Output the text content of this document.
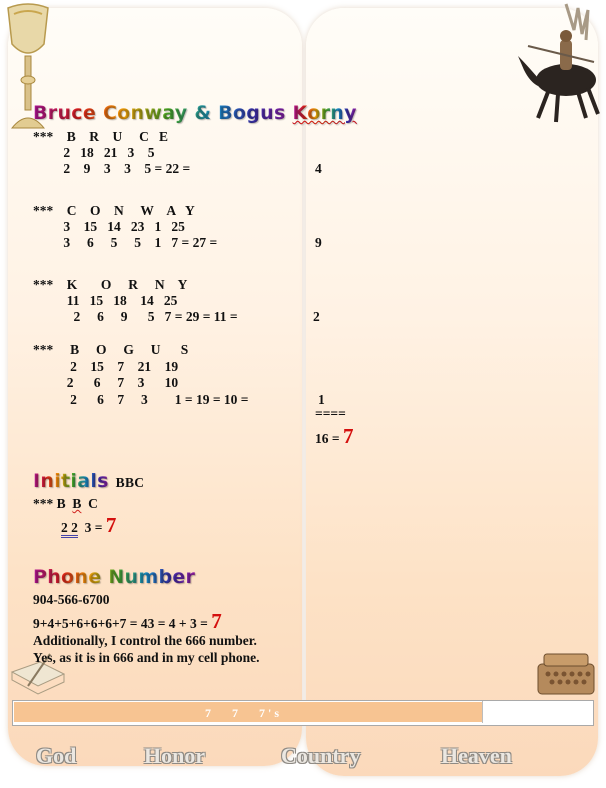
Bruce Conway & Bogus Korny
***    B    R    U     C   E
2   18   21   3    5
2    9    3    3    5 = 22 =	4
***    C    O    N     W    A   Y
3    15   14   23   1   25
3     6     5     5    1   7 = 27 =	9
***    K       O     R     N    Y
11   15   18    14   25
2     6     9      5   7 = 29 = 11 =	2
***     B     O     G     U      S
2    15    7    21    19
2      6     7    3      10
2      6    7     3        1 = 19 = 10 =	1
====
16 = 7
Initials BBC
*** B  B  C
2 2  3 = 7
Phone Number
904-566-6700
9+4+5+6+6+6+7 = 43 = 4 + 3 = 7
Additionally, I control the 666 number.
Yes, as it is in 666 and in my cell phone.
7       7       7 ' s	Page 3
God	Honor	Country	Heaven
